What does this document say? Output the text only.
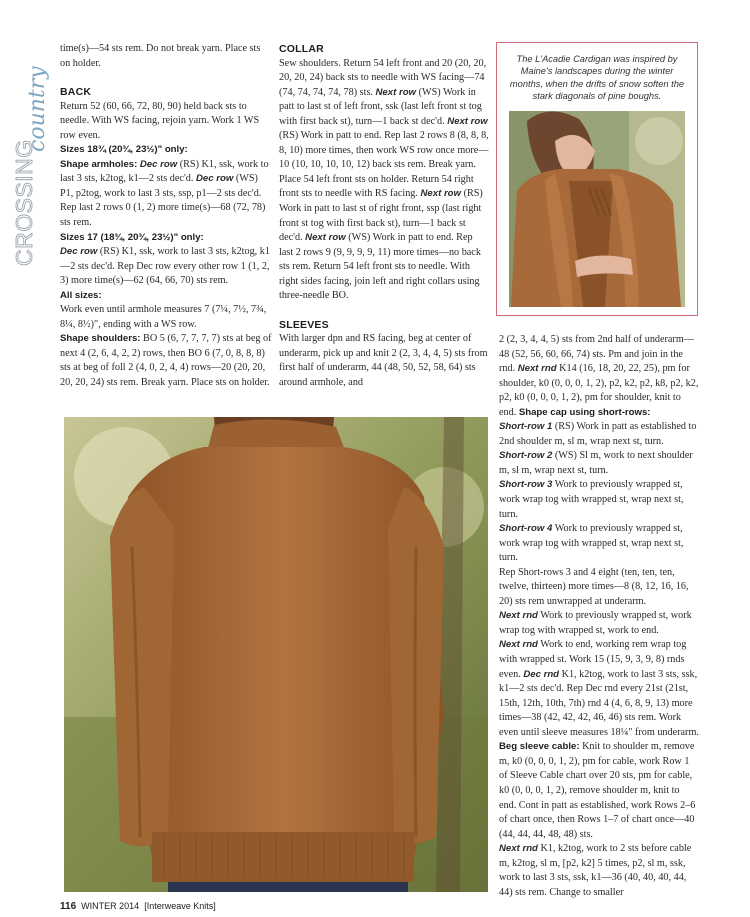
CROSSING
country
time(s)—54 sts rem. Do not break yarn. Place sts on holder.
BACK
Return 52 (60, 66, 72, 80, 90) held back sts to needle. With WS facing, rejoin yarn. Work 1 WS row even.
Sizes 18¾ (20¾, 23½)" only:
Shape armholes: Dec row (RS) K1, ssk, work to last 3 sts, k2tog, k1—2 sts dec'd. Dec row (WS) P1, p2tog, work to last 3 sts, ssp, p1—2 sts dec'd. Rep last 2 rows 0 (1, 2) more time(s)—68 (72, 78) sts rem.
Sizes 17 (18¾, 20¾, 23½)" only:
Dec row (RS) K1, ssk, work to last 3 sts, k2tog, k1—2 sts dec'd. Rep Dec row every other row 1 (1, 2, 3) more time(s)—62 (64, 66, 70) sts rem.
All sizes:
Work even until armhole measures 7 (7¼, 7½, 7¾, 8¼, 8½)", ending with a WS row.
Shape shoulders: BO 5 (6, 7, 7, 7, 7) sts at beg of next 4 (2, 6, 4, 2, 2) rows, then BO 6 (7, 0, 8, 8, 8) sts at beg of foll 2 (4, 0, 2, 4, 4) rows—20 (20, 20, 20, 20, 24) sts rem. Break yarn. Place sts on holder.
COLLAR
Sew shoulders. Return 54 left front and 20 (20, 20, 20, 20, 24) back sts to needle with WS facing—74 (74, 74, 74, 74, 78) sts. Next row (WS) Work in patt to last st of left front, ssk (last left front st tog with first back st), turn—1 back st dec'd. Next row (RS) Work in patt to end. Rep last 2 rows 8 (8, 8, 8, 8, 10) more times, then work WS row once more—10 (10, 10, 10, 10, 12) back sts rem. Break yarn. Place 54 left front sts on holder. Return 54 right front sts to needle with RS facing. Next row (RS) Work in patt to last st of right front, ssp (last right front st tog with first back st), turn—1 back st dec'd. Next row (WS) Work in patt to end. Rep last 2 rows 9 (9, 9, 9, 9, 11) more times—no back sts rem. Return 54 left front sts to needle. With right sides facing, join left and right collars using three-needle BO.
SLEEVES
With larger dpn and RS facing, beg at center of underarm, pick up and knit 2 (2, 3, 4, 4, 5) sts from first half of underarm, 44 (48, 50, 52, 58, 64) sts around armhole, and
The L'Acadie Cardigan was inspired by Maine's landscapes during the winter months, when the drifts of snow soften the stark diagonals of pine boughs.
2 (2, 3, 4, 4, 5) sts from 2nd half of underarm—48 (52, 56, 60, 66, 74) sts. Pm and join in the rnd. Next rnd K14 (16, 18, 20, 22, 25), pm for shoulder, k0 (0, 0, 0, 1, 2), p2, k2, p2, k8, p2, k2, p2, k0 (0, 0, 0, 1, 2), pm for shoulder, knit to end. Shape cap using short-rows:
Short-row 1 (RS) Work in patt as established to 2nd shoulder m, sl m, wrap next st, turn.
Short-row 2 (WS) Sl m, work to next shoulder m, sl m, wrap next st, turn.
Short-row 3 Work to previously wrapped st, work wrap tog with wrapped st, wrap next st, turn.
Short-row 4 Work to previously wrapped st, work wrap tog with wrapped st, wrap next st, turn.
Rep Short-rows 3 and 4 eight (ten, ten, ten, twelve, thirteen) more times—8 (8, 12, 16, 16, 20) sts rem unwrapped at underarm.
Next rnd Work to previously wrapped st, work wrap tog with wrapped st, work to end.
Next rnd Work to end, working rem wrap tog with wrapped st. Work 15 (15, 9, 3, 9, 8) rnds even. Dec rnd K1, k2tog, work to last 3 sts, ssk, k1—2 sts dec'd. Rep Dec rnd every 21st (21st, 15th, 12th, 10th, 7th) rnd 4 (4, 6, 8, 9, 13) more times—38 (42, 42, 42, 46, 46) sts rem. Work even until sleeve measures 18¼" from underarm. Beg sleeve cable: Knit to shoulder m, remove m, k0 (0, 0, 0, 1, 2), pm for cable, work Row 1 of Sleeve Cable chart over 20 sts, pm for cable, k0 (0, 0, 0, 1, 2), remove shoulder m, knit to end. Cont in patt as established, work Rows 2–6 of chart once, then Rows 1–7 of chart once—40 (44, 44, 44, 48, 48) sts.
Next rnd K1, k2tog, work to 2 sts before cable m, k2tog, sl m, [p2, k2] 5 times, p2, sl m, ssk, work to last 3 sts, ssk, k1—36 (40, 40, 40, 44, 44) sts rem. Change to smaller
116 WINTER 2014 [Interweave Knits]
